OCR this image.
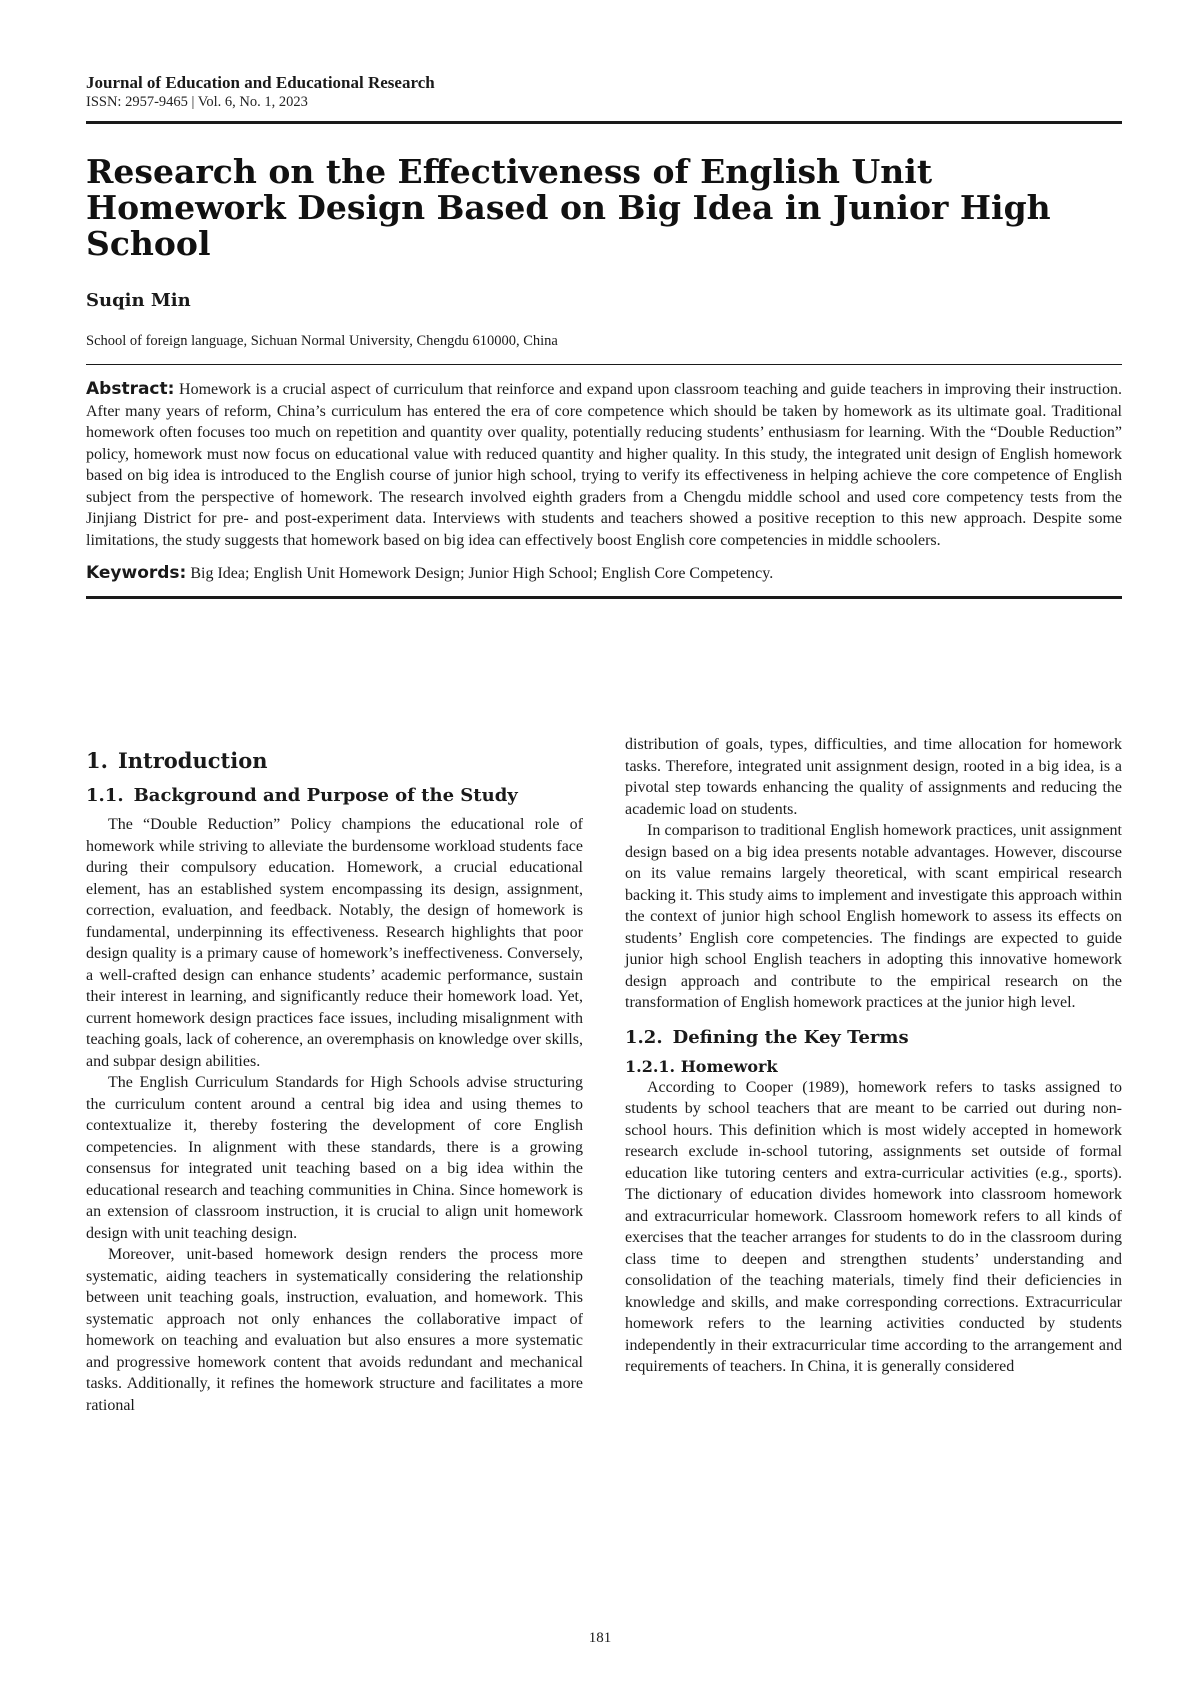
Journal of Education and Educational Research
ISSN: 2957-9465 | Vol. 6, No. 1, 2023
Research on the Effectiveness of English Unit Homework Design Based on Big Idea in Junior High School
Suqin Min
School of foreign language, Sichuan Normal University, Chengdu 610000, China

Abstract: Homework is a crucial aspect of curriculum that reinforce and expand upon classroom teaching and guide teachers in improving their instruction. After many years of reform, China’s curriculum has entered the era of core competence which should be taken by homework as its ultimate goal. Traditional homework often focuses too much on repetition and quantity over quality, potentially reducing students’ enthusiasm for learning. With the “Double Reduction” policy, homework must now focus on educational value with reduced quantity and higher quality. In this study, the integrated unit design of English homework based on big idea is introduced to the English course of junior high school, trying to verify its effectiveness in helping achieve the core competence of English subject from the perspective of homework. The research involved eighth graders from a Chengdu middle school and used core competency tests from the Jinjiang District for pre- and post-experiment data. Interviews with students and teachers showed a positive reception to this new approach. Despite some limitations, the study suggests that homework based on big idea can effectively boost English core competencies in middle schoolers.

Keywords: Big Idea; English Unit Homework Design; Junior High School; English Core Competency.

1. Introduction
1.1. Background and Purpose of the Study

The “Double Reduction” Policy champions the educational role of homework while striving to alleviate the burdensome workload students face during their compulsory education. Homework, a crucial educational element, has an established system encompassing its design, assignment, correction, evaluation, and feedback. Notably, the design of homework is fundamental, underpinning its effectiveness. Research highlights that poor design quality is a primary cause of homework’s ineffectiveness. Conversely, a well-crafted design can enhance students’ academic performance, sustain their interest in learning, and significantly reduce their homework load. Yet, current homework design practices face issues, including misalignment with teaching goals, lack of coherence, an overemphasis on knowledge over skills, and subpar design abilities.

The English Curriculum Standards for High Schools advise structuring the curriculum content around a central big idea and using themes to contextualize it, thereby fostering the development of core English competencies. In alignment with these standards, there is a growing consensus for integrated unit teaching based on a big idea within the educational research and teaching communities in China. Since homework is an extension of classroom instruction, it is crucial to align unit homework design with unit teaching design.

Moreover, unit-based homework design renders the process more systematic, aiding teachers in systematically considering the relationship between unit teaching goals, instruction, evaluation, and homework. This systematic approach not only enhances the collaborative impact of homework on teaching and evaluation but also ensures a more systematic and progressive homework content that avoids redundant and mechanical tasks. Additionally, it refines the homework structure and facilitates a more rational

distribution of goals, types, difficulties, and time allocation for homework tasks. Therefore, integrated unit assignment design, rooted in a big idea, is a pivotal step towards enhancing the quality of assignments and reducing the academic load on students.

In comparison to traditional English homework practices, unit assignment design based on a big idea presents notable advantages. However, discourse on its value remains largely theoretical, with scant empirical research backing it. This study aims to implement and investigate this approach within the context of junior high school English homework to assess its effects on students’ English core competencies. The findings are expected to guide junior high school English teachers in adopting this innovative homework design approach and contribute to the empirical research on the transformation of English homework practices at the junior high level.

1.2. Defining the Key Terms
1.2.1. Homework

According to Cooper (1989), homework refers to tasks assigned to students by school teachers that are meant to be carried out during non-school hours. This definition which is most widely accepted in homework research exclude in-school tutoring, assignments set outside of formal education like tutoring centers and extra-curricular activities (e.g., sports). The dictionary of education divides homework into classroom homework and extracurricular homework. Classroom homework refers to all kinds of exercises that the teacher arranges for students to do in the classroom during class time to deepen and strengthen students’ understanding and consolidation of the teaching materials, timely find their deficiencies in knowledge and skills, and make corresponding corrections. Extracurricular homework refers to the learning activities conducted by students independently in their extracurricular time according to the arrangement and requirements of teachers. In China, it is generally considered

181
